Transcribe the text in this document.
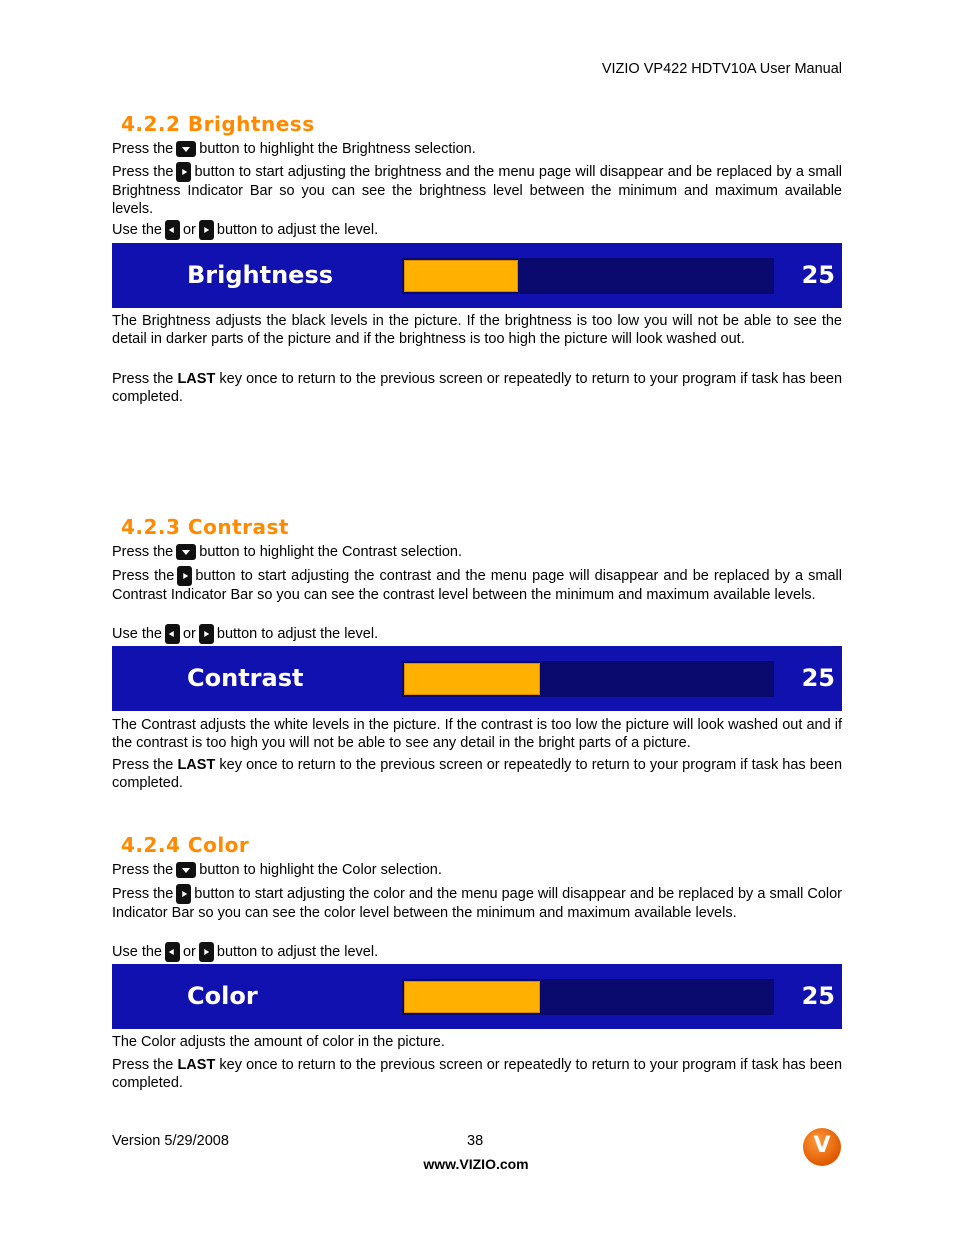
VIZIO VP422 HDTV10A User Manual
4.2.2 Brightness
Press the button to highlight the Brightness selection.
Press the button to start adjusting the brightness and the menu page will disappear and be replaced by a small Brightness Indicator Bar so you can see the brightness level between the minimum and maximum available levels.
Use the or button to adjust the level.
Brightness	25
The Brightness adjusts the black levels in the picture. If the brightness is too low you will not be able to see the detail in darker parts of the picture and if the brightness is too high the picture will look washed out.
Press the LAST key once to return to the previous screen or repeatedly to return to your program if task has been completed.
4.2.3 Contrast
Press the button to highlight the Contrast selection.
Press the button to start adjusting the contrast and the menu page will disappear and be replaced by a small Contrast Indicator Bar so you can see the contrast level between the minimum and maximum available levels.
Use the or button to adjust the level.
Contrast	25
The Contrast adjusts the white levels in the picture. If the contrast is too low the picture will look washed out and if the contrast is too high you will not be able to see any detail in the bright parts of a picture.
Press the LAST key once to return to the previous screen or repeatedly to return to your program if task has been completed.
4.2.4 Color
Press the button to highlight the Color selection.
Press the button to start adjusting the color and the menu page will disappear and be replaced by a small Color Indicator Bar so you can see the color level between the minimum and maximum available levels.
Use the or button to adjust the level.
Color	25
The Color adjusts the amount of color in the picture.
Press the LAST key once to return to the previous screen or repeatedly to return to your program if task has been completed.
Version 5/29/2008	38
www.VIZIO.com
V
